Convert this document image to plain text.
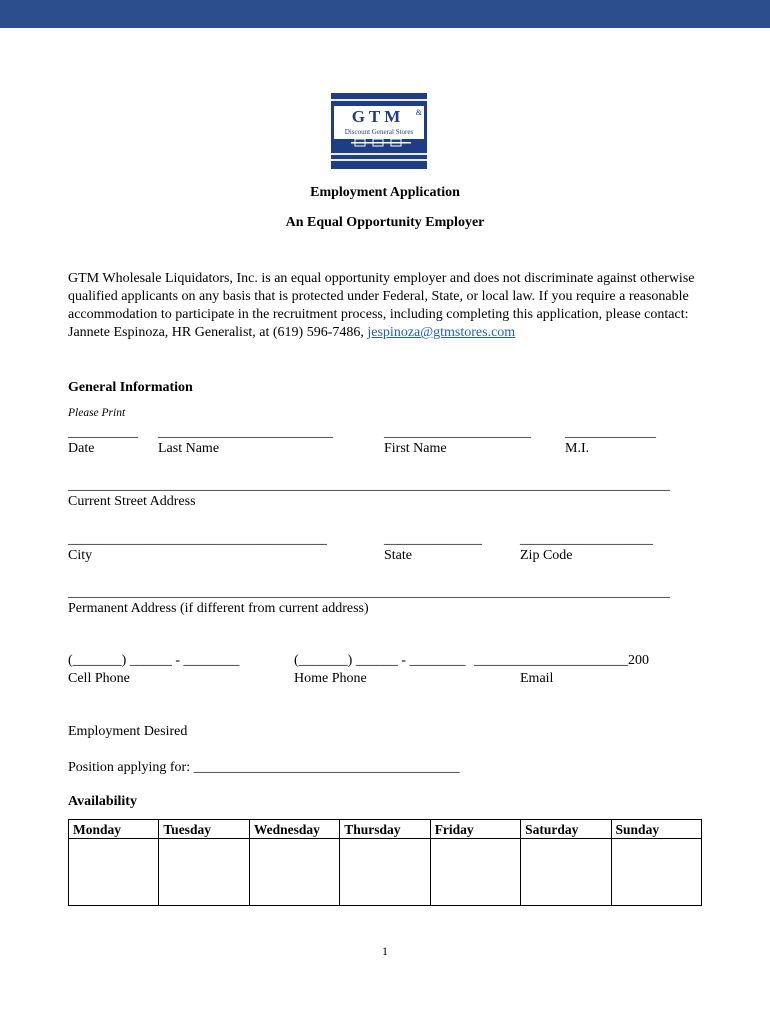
GTM	&
Discount General Stores
Employment Application
An Equal Opportunity Employer
GTM Wholesale Liquidators, Inc. is an equal opportunity employer and does not discriminate against otherwise qualified applicants on any basis that is protected under Federal, State, or local law. If you require a reasonable accommodation to participate in the recruitment process, including completing this application, please contact: Jannete Espinoza, HR Generalist, at (619) 596-7486, jespinoza@gtmstores.com
General Information
Please Print
__________ _________________________	_____________________ _____________
Date	Last Name	First Name	M.I.
______________________________________________________________________________________
Current Street Address
_____________________________________	______________	___________________
City	State	Zip Code
______________________________________________________________________________________
Permanent Address (if different from current address)
(_______) ______ - ________	(_______) ______ - ________ ______________________200
Cell Phone	Home Phone	Email
Employment Desired
Position applying for: ______________________________________
Availability
Monday	Tuesday	Wednesday	Thursday	Friday	Saturday	Sunday

1
